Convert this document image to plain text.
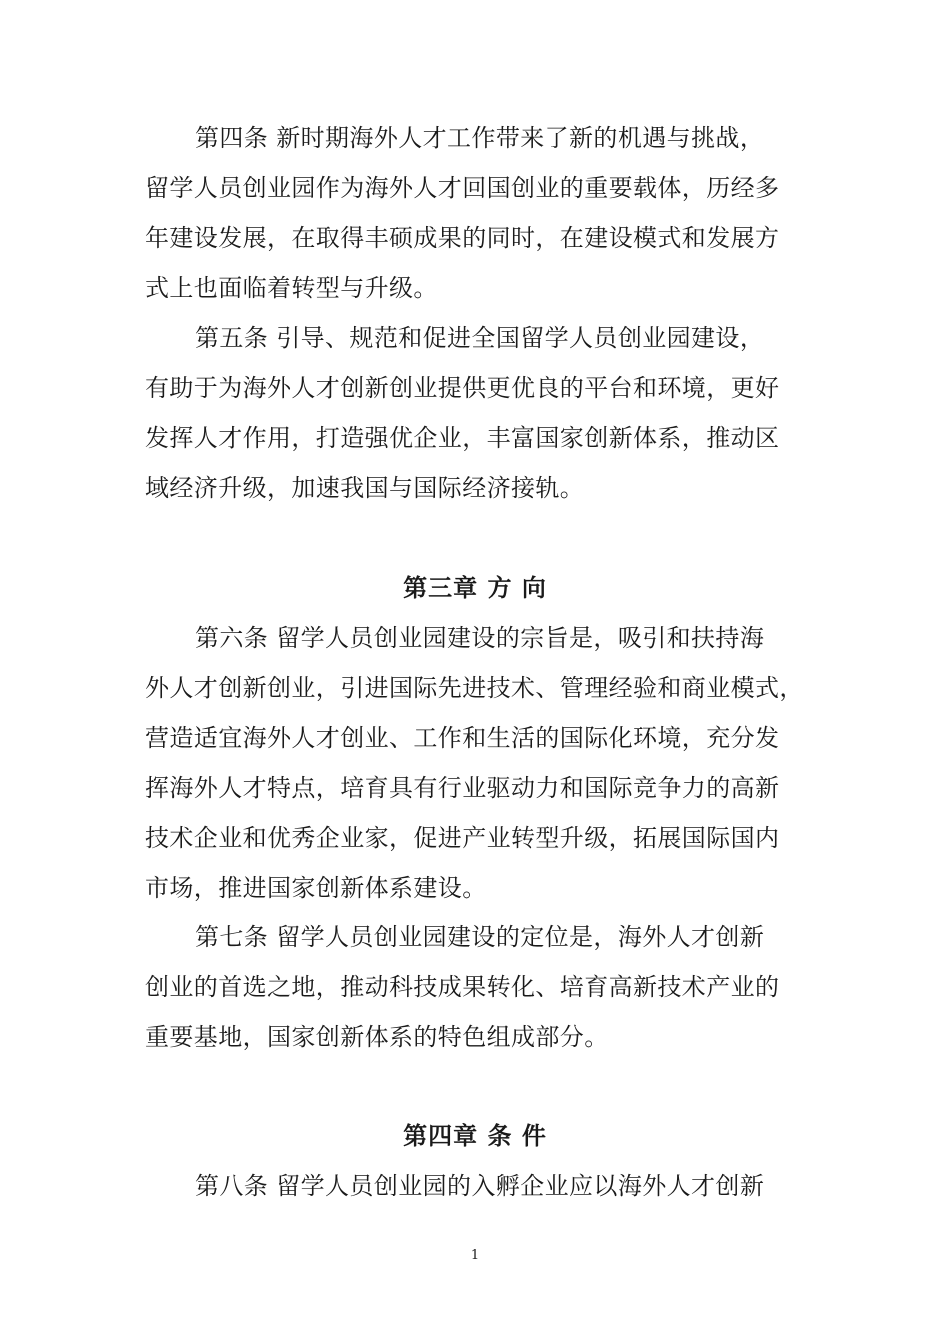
第四条 新时期海外人才工作带来了新的机遇与挑战，
留学人员创业园作为海外人才回国创业的重要载体，历经多
年建设发展，在取得丰硕成果的同时，在建设模式和发展方
式上也面临着转型与升级。
第五条 引导、规范和促进全国留学人员创业园建设，
有助于为海外人才创新创业提供更优良的平台和环境，更好
发挥人才作用，打造强优企业，丰富国家创新体系，推动区
域经济升级，加速我国与国际经济接轨。
第三章 方 向
第六条 留学人员创业园建设的宗旨是，吸引和扶持海
外人才创新创业，引进国际先进技术、管理经验和商业模式，
营造适宜海外人才创业、工作和生活的国际化环境，充分发
挥海外人才特点，培育具有行业驱动力和国际竞争力的高新
技术企业和优秀企业家，促进产业转型升级，拓展国际国内
市场，推进国家创新体系建设。
第七条 留学人员创业园建设的定位是，海外人才创新
创业的首选之地，推动科技成果转化、培育高新技术产业的
重要基地，国家创新体系的特色组成部分。
第四章 条 件
第八条 留学人员创业园的入孵企业应以海外人才创新
1
